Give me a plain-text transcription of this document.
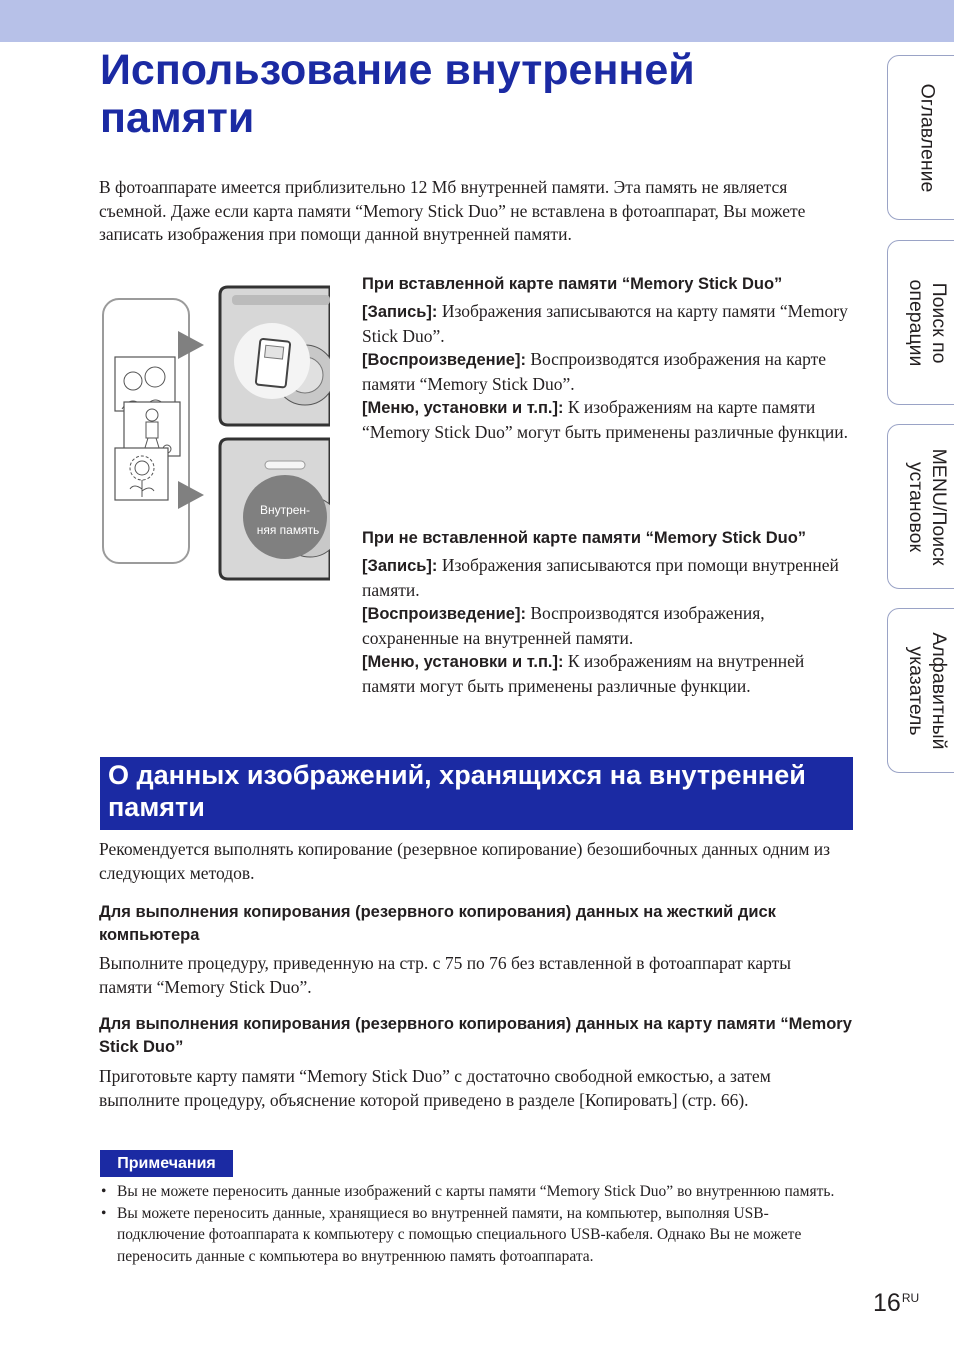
Использование внутренней памяти

В фотоаппарате имеется приблизительно 12 Мб внутренней памяти. Эта память не является съемной. Даже если карта памяти “Memory Stick Duo” не вставлена в фотоаппарат, Вы можете записать изображения при помощи данной внутренней памяти.

Внутрен-
няя память

При вставленной карте памяти “Memory Stick Duo”

[Запись]: Изображения записываются на карту памяти “Memory Stick Duo”.

[Воспроизведение]: Воспроизводятся изображения на карте памяти “Memory Stick Duo”.

[Меню, установки и т.п.]: К изображениям на карте памяти “Memory Stick Duo” могут быть применены различные функции.

При не вставленной карте памяти “Memory Stick Duo”

[Запись]: Изображения записываются при помощи внутренней памяти.

[Воспроизведение]: Воспроизводятся изображения, сохраненные на внутренней памяти.

[Меню, установки и т.п.]: К изображениям на внутренней памяти могут быть применены различные функции.

О данных изображений, хранящихся на внутренней памяти

Рекомендуется выполнять копирование (резервное копирование) безошибочных данных одним из следующих методов.

Для выполнения копирования (резервного копирования) данных на жесткий диск компьютера

Выполните процедуру, приведенную на стр. с 75 по 76 без вставленной в фотоаппарат карты памяти “Memory Stick Duo”.

Для выполнения копирования (резервного копирования) данных на карту памяти “Memory Stick Duo”

Приготовьте карту памяти “Memory Stick Duo” с достаточно свободной емкостью, а затем выполните процедуру, объяснение которой приведено в разделе [Копировать] (стр. 66).

Примечания
• Вы не можете переносить данные изображений с карты памяти “Memory Stick Duo” во внутреннюю память.
• Вы можете переносить данные, хранящиеся во внутренней памяти, на компьютер, выполняя USB-подключение фотоаппарата к компьютеру с помощью специального USB-кабеля. Однако Вы не можете переносить данные с компьютера во внутреннюю память фотоаппарата.
Оглавление
Поиск по операции
MENU/Поиск установок
Алфавитный указатель
$16^{RU}$
